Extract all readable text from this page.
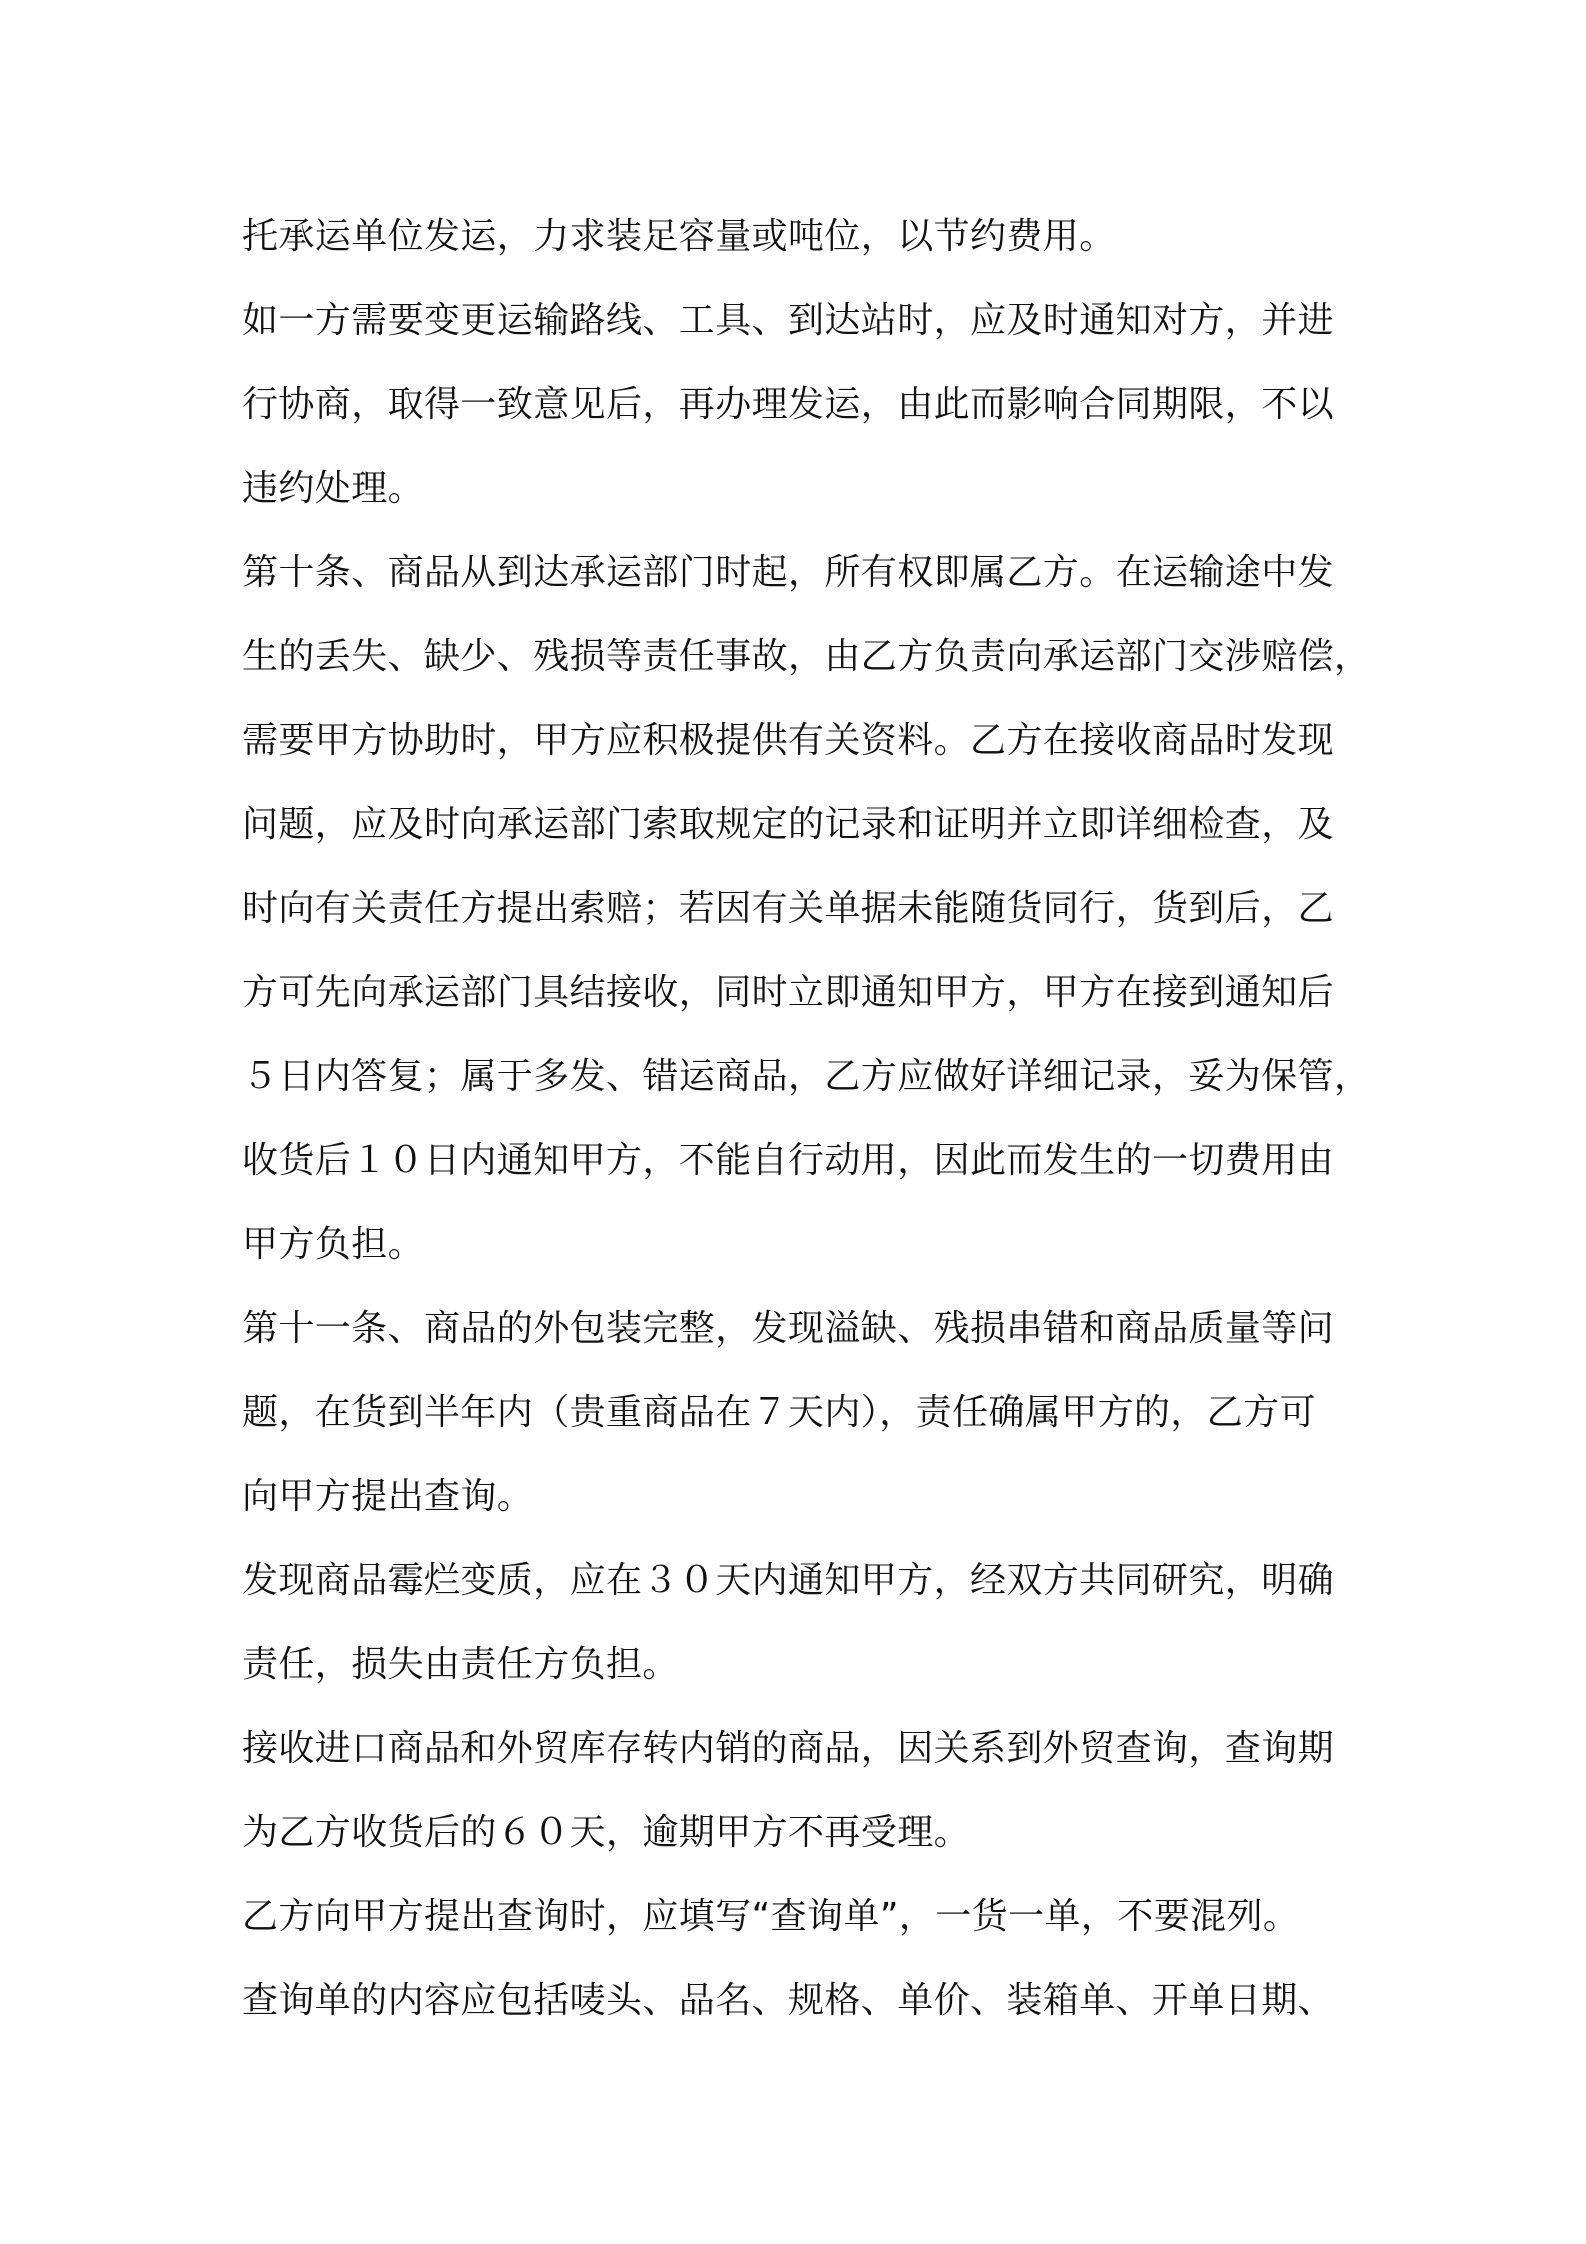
托承运单位发运，力求装足容量或吨位，以节约费用。
如一方需要变更运输路线、工具、到达站时，应及时通知对方，并进
行协商，取得一致意见后，再办理发运，由此而影响合同期限，不以
违约处理。
第十条、商品从到达承运部门时起，所有权即属乙方。在运输途中发
生的丢失、缺少、残损等责任事故，由乙方负责向承运部门交涉赔偿，
需要甲方协助时，甲方应积极提供有关资料。乙方在接收商品时发现
问题，应及时向承运部门索取规定的记录和证明并立即详细检查，及
时向有关责任方提出索赔；若因有关单据未能随货同行，货到后，乙
方可先向承运部门具结接收，同时立即通知甲方，甲方在接到通知后
５日内答复；属于多发、错运商品，乙方应做好详细记录，妥为保管，
收货后１０日内通知甲方，不能自行动用，因此而发生的一切费用由
甲方负担。
第十一条、商品的外包装完整，发现溢缺、残损串错和商品质量等问
题，在货到半年内（贵重商品在７天内），责任确属甲方的，乙方可
向甲方提出查询。
发现商品霉烂变质，应在３０天内通知甲方，经双方共同研究，明确
责任，损失由责任方负担。
接收进口商品和外贸库存转内销的商品，因关系到外贸查询，查询期
为乙方收货后的６０天，逾期甲方不再受理。
乙方向甲方提出查询时，应填写“查询单”，一货一单，不要混列。
查询单的内容应包括唛头、品名、规格、单价、装箱单、开单日期、
